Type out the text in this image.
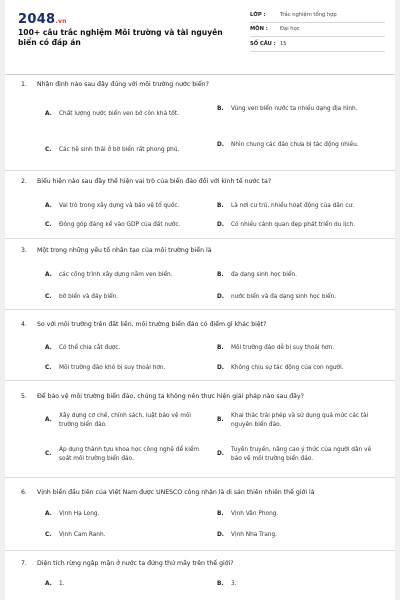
2048.vn
100+ câu trắc nghiệm Môi trường và tài nguyên biển có đáp án
LỚP :	Trắc nghiệm tổng hợp
MÔN :	Đại học
SỐ CÂU : 15
1. Nhận định nào sau đây đúng với môi trường nước biển?
A.	Chất lượng nước biển ven bờ còn khá tốt.
B.	Vùng ven biển nước ta nhiều dạng địa hình.
C.	Các hệ sinh thái ở bờ biển rất phong phú.
D.	Nhìn chung các đảo chưa bị tác động nhiều.
2. Biểu hiện nào sau đây thể hiện vai trò của biển đảo đối với kinh tế nước ta?
A.	Vai trò trong xây dựng và bảo vệ tổ quốc.	B.	Là nơi cư trú, nhiều hoạt động của dân cư.
C.	Đóng góp đáng kể vào GDP của đất nước.	D.	Có nhiều cảnh quan đẹp phát triển du lịch.
3. Một trong những yếu tố nhân tạo của môi trường biển là
A.	các công trình xây dựng nằm ven biển.	B.	đa dạng sinh học biển.
C.	bờ biển và đáy biển.	D.	nước biển và đa dạng sinh học biển.
4. So với môi trường trên đất liền, môi trường biển đảo có điểm gì khác biệt?
A.	Có thể chia cắt được.	B.	Môi trường đảo dễ bị suy thoái hơn.
C.	Môi trường đảo khó bị suy thoái hơn.	D.	Không chịu sự tác động của con người.
5. Để bảo vệ môi trường biển đảo, chúng ta không nên thực hiện giải pháp nào sau đây?
A.
Xây dựng cơ chế, chính sách, luật bảo vệ môi trường biển đảo.
B.
Khai thác trái phép và sử dụng quá mức các tài nguyên biển đảo.
C.
Áp dụng thành tựu khoa học công nghệ để kiểm soát môi trường biển đảo.
D.
Tuyên truyền, nâng cao ý thức của người dân về bảo vệ môi trường biển đảo.
6. Vịnh biển đầu tiên của Việt Nam được UNESCO công nhận là di sản thiên nhiên thế giới là
A.	Vịnh Hạ Long.	B.	Vịnh Vân Phong.
C.	Vịnh Cam Ranh.	D.	Vịnh Nha Trang.
7. Diện tích rừng ngập mặn ở nước ta đứng thứ mấy trên thế giới?
A.	1.	B.	3.
